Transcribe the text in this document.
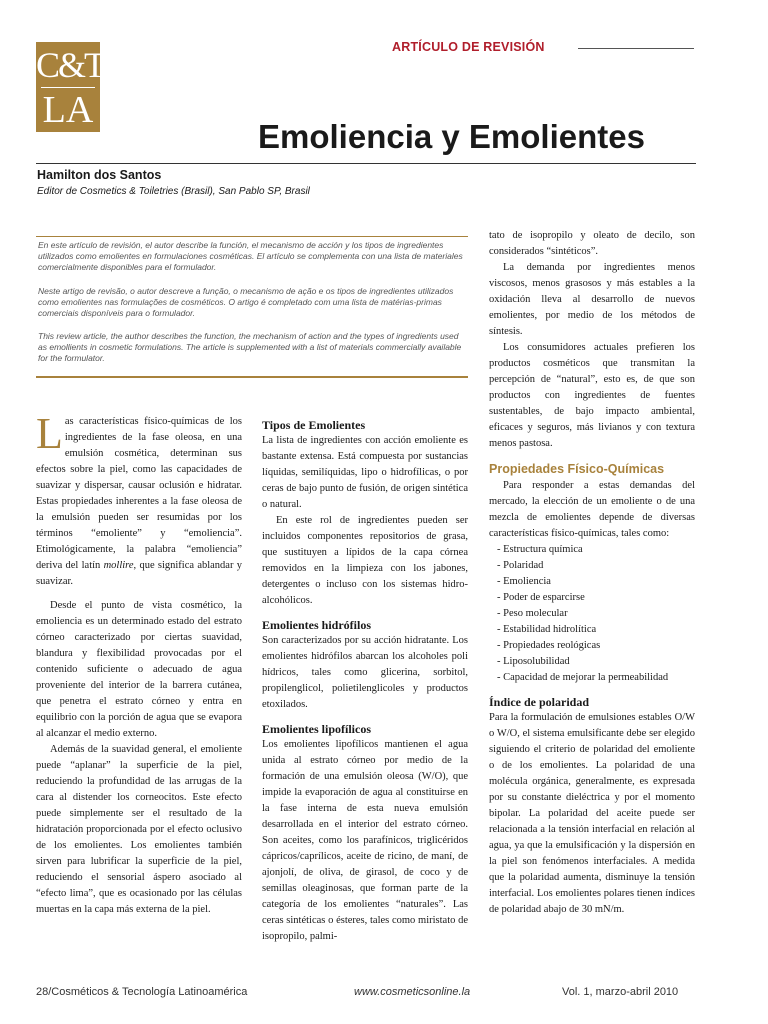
C&T
LA
ARTÍCULO DE REVISIÓN
Emoliencia y Emolientes
Hamilton dos Santos
Editor de Cosmetics & Toiletries (Brasil), San Pablo SP, Brasil

En este artículo de revisión, el autor describe la función, el mecanismo de acción y los tipos de ingredientes utilizados como emolientes en formulaciones cosméticas. El artículo se complementa con una lista de materiales comercialmente disponibles para el formulador.

Neste artigo de revisão, o autor descreve a função, o mecanismo de ação e os tipos de ingredientes utilizados como emolientes nas formulações de cosméticos. O artigo é completado com uma lista de matérias-primas comerciais disponíveis para o formulador.

This review article, the author describes the function, the mechanism of action and the types of ingredients used as emollients in cosmetic formulations. The article is supplemented with a list of materials commercially available for the formulator.

Las características físico-químicas de los ingredientes de la fase oleosa, en una emulsión cosmética, determinan sus efectos sobre la piel, como las capacidades de suavizar y dispersar, causar oclusión e hidratar. Estas propiedades inherentes a la fase oleosa de la emulsión pueden ser resumidas por los términos “emoliente” y “emoliencia”. Etimológicamente, la palabra “emoliencia” deriva del latín mollire, que significa ablandar y suavizar.

Desde el punto de vista cosmético, la emoliencia es un determinado estado del estrato córneo caracterizado por ciertas suavidad, blandura y flexibilidad provocadas por el contenido suficiente o adecuado de agua proveniente del interior de la barrera cutánea, que penetra el estrato córneo y entra en equilibrio con la porción de agua que se evapora al alcanzar el medio externo.

Además de la suavidad general, el emoliente puede “aplanar” la superficie de la piel, reduciendo la profundidad de las arrugas de la cara al distender los corneocitos. Este efecto puede simplemente ser el resultado de la hidratación proporcionada por el efecto oclusivo de los emolientes. Los emolientes también sirven para lubrificar la superficie de la piel, reduciendo el sensorial áspero asociado al “efecto lima”, que es ocasionado por las células muertas en la capa más externa de la piel.

Tipos de Emolientes

La lista de ingredientes con acción emoliente es bastante extensa. Está compuesta por sustancias líquidas, semilíquidas, lipo o hidrofílicas, o por ceras de bajo punto de fusión, de origen sintética o natural.

En este rol de ingredientes pueden ser incluidos componentes repositorios de grasa, que sustituyen a lípidos de la capa córnea removidos en la limpieza con los jabones, detergentes o incluso con los sistemas hidro-alcohólicos.

Emolientes hidrófilos

Son caracterizados por su acción hidratante. Los emolientes hidrófilos abarcan los alcoholes poli hídricos, tales como glicerina, sorbitol, propilenglicol, polietilenglicoles y productos etoxilados.

Emolientes lipofílicos

Los emolientes lipofílicos mantienen el agua unida al estrato córneo por medio de la formación de una emulsión oleosa (W/O), que impide la evaporación de agua al constituirse en la fase interna de esta nueva emulsión desarrollada en el interior del estrato córneo. Son aceites, como los parafínicos, triglicéridos cápricos/caprílicos, aceite de ricino, de maní, de ajonjolí, de oliva, de girasol, de coco y de semillas oleaginosas, que forman parte de la categoría de los emolientes “naturales”. Las ceras sintéticas o ésteres, tales como miristato de isopropilo, palmi-

tato de isopropilo y oleato de decilo, son considerados “sintéticos”.

La demanda por ingredientes menos viscosos, menos grasosos y más estables a la oxidación lleva al desarrollo de nuevos emolientes, por medio de los métodos de síntesis.

Los consumidores actuales prefieren los productos cosméticos que transmitan la percepción de “natural”, esto es, de que son productos con ingredientes de fuentes sustentables, de bajo impacto ambiental, eficaces y seguros, más livianos y con textura menos pastosa.

Propiedades Físico-Químicas

Para responder a estas demandas del mercado, la elección de un emoliente o de una mezcla de emolientes depende de diversas características físico-químicas, tales como:

- Estructura química
- Polaridad
- Emoliencia
- Poder de esparcirse
- Peso molecular
- Estabilidad hidrolítica
- Propiedades reológicas
- Liposolubilidad
- Capacidad de mejorar la permeabilidad
Índice de polaridad

Para la formulación de emulsiones estables O/W o W/O, el sistema emulsificante debe ser elegido siguiendo el criterio de polaridad del emoliente o de los emolientes. La polaridad de una molécula orgánica, generalmente, es expresada por su constante dieléctrica y por el momento bipolar. La polaridad del aceite puede ser relacionada a la tensión interfacial en relación al agua, ya que la emulsificación y la dispersión en la piel son fenómenos interfaciales. A medida que la polaridad aumenta, disminuye la tensión interfacial. Los emolientes polares tienen índices de polaridad abajo de 30 mN/m.

28/Cosméticos & Tecnología Latinoamérica	www.cosmeticsonline.la	Vol. 1, marzo-abril 2010
